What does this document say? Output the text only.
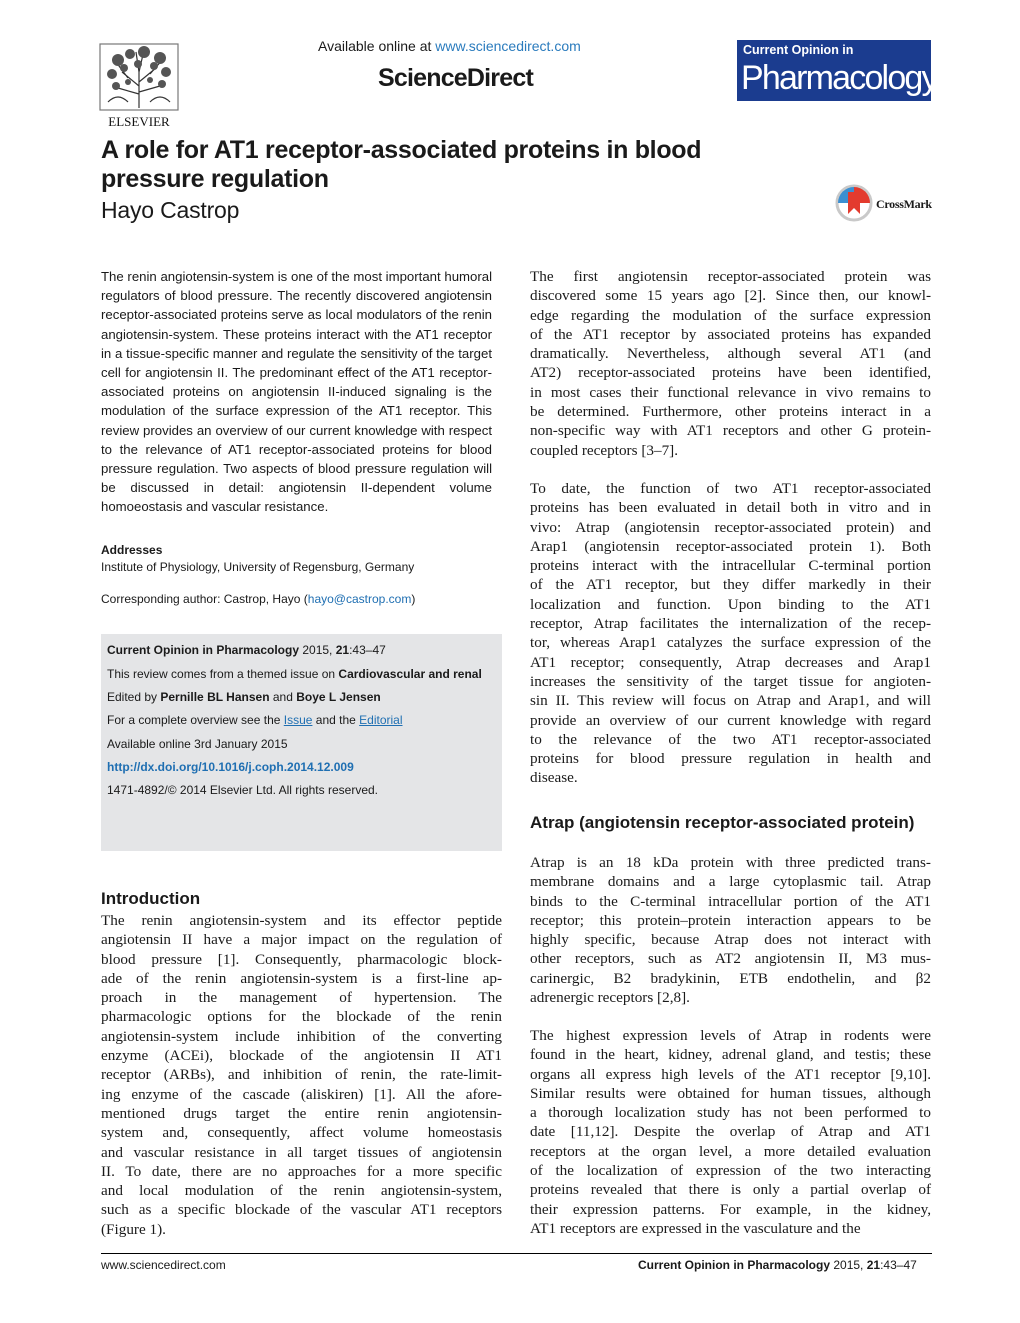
ELSEVIER
Available online at www.sciencedirect.com
ScienceDirect
Current Opinion in
Pharmacology
A role for AT1 receptor-associated proteins in blood pressure regulation
Hayo Castrop	CrossMark
The renin angiotensin-system is one of the most important humoral regulators of blood pressure. The recently discovered angiotensin receptor-associated proteins serve as local modulators of the renin angiotensin-system. These proteins interact with the AT1 receptor in a tissue-specific manner and regulate the sensitivity of the target cell for angiotensin II. The predominant effect of the AT1 receptor-associated proteins on angiotensin II-induced signaling is the modulation of the surface expression of the AT1 receptor. This review provides an overview of our current knowledge with respect to the relevance of AT1 receptor-associated proteins for blood pressure regulation. Two aspects of blood pressure regulation will be discussed in detail: angiotensin II-dependent volume homoeostasis and vascular resistance.
Addresses
Institute of Physiology, University of Regensburg, Germany
Corresponding author: Castrop, Hayo (hayo@castrop.com)
Current Opinion in Pharmacology 2015, 21:43–47
This review comes from a themed issue on Cardiovascular and renal
Edited by Pernille BL Hansen and Boye L Jensen
For a complete overview see the Issue and the Editorial
Available online 3rd January 2015
http://dx.doi.org/10.1016/j.coph.2014.12.009
1471-4892/© 2014 Elsevier Ltd. All rights reserved.
Introduction
The renin angiotensin-system and its effector peptide
angiotensin II have a major impact on the regulation of
blood pressure [1]. Consequently, pharmacologic block-
ade of the renin angiotensin-system is a first-line ap-
proach in the management of hypertension. The
pharmacologic options for the blockade of the renin
angiotensin-system include inhibition of the converting
enzyme (ACEi), blockade of the angiotensin II AT1
receptor (ARBs), and inhibition of renin, the rate-limit-
ing enzyme of the cascade (aliskiren) [1]. All the afore-
mentioned drugs target the entire renin angiotensin-
system and, consequently, affect volume homeostasis
and vascular resistance in all target tissues of angiotensin
II. To date, there are no approaches for a more specific
and local modulation of the renin angiotensin-system,
such as a specific blockade of the vascular AT1 receptors
(Figure 1).
The first angiotensin receptor-associated protein was
discovered some 15 years ago [2]. Since then, our knowl-
edge regarding the modulation of the surface expression
of the AT1 receptor by associated proteins has expanded
dramatically. Nevertheless, although several AT1 (and
AT2) receptor-associated proteins have been identified,
in most cases their functional relevance in vivo remains to
be determined. Furthermore, other proteins interact in a
non-specific way with AT1 receptors and other G protein-
coupled receptors [3–7].
To date, the function of two AT1 receptor-associated
proteins has been evaluated in detail both in vitro and in
vivo: Atrap (angiotensin receptor-associated protein) and
Arap1 (angiotensin receptor-associated protein 1). Both
proteins interact with the intracellular C-terminal portion
of the AT1 receptor, but they differ markedly in their
localization and function. Upon binding to the AT1
receptor, Atrap facilitates the internalization of the recep-
tor, whereas Arap1 catalyzes the surface expression of the
AT1 receptor; consequently, Atrap decreases and Arap1
increases the sensitivity of the target tissue for angioten-
sin II. This review will focus on Atrap and Arap1, and will
provide an overview of our current knowledge with regard
to the relevance of the two AT1 receptor-associated
proteins for blood pressure regulation in health and
disease.
Atrap (angiotensin receptor-associated protein)
Atrap is an 18 kDa protein with three predicted trans-
membrane domains and a large cytoplasmic tail. Atrap
binds to the C-terminal intracellular portion of the AT1
receptor; this protein–protein interaction appears to be
highly specific, because Atrap does not interact with
other receptors, such as AT2 angiotensin II, M3 mus-
carinergic, B2 bradykinin, ETB endothelin, and β2
adrenergic receptors [2,8].
The highest expression levels of Atrap in rodents were
found in the heart, kidney, adrenal gland, and testis; these
organs all express high levels of the AT1 receptor [9,10].
Similar results were obtained for human tissues, although
a thorough localization study has not been performed to
date [11,12]. Despite the overlap of Atrap and AT1
receptors at the organ level, a more detailed evaluation
of the localization of expression of the two interacting
proteins revealed that there is only a partial overlap of
their expression patterns. For example, in the kidney,
AT1 receptors are expressed in the vasculature and the
www.sciencedirect.com	Current Opinion in Pharmacology 2015, 21:43–47
